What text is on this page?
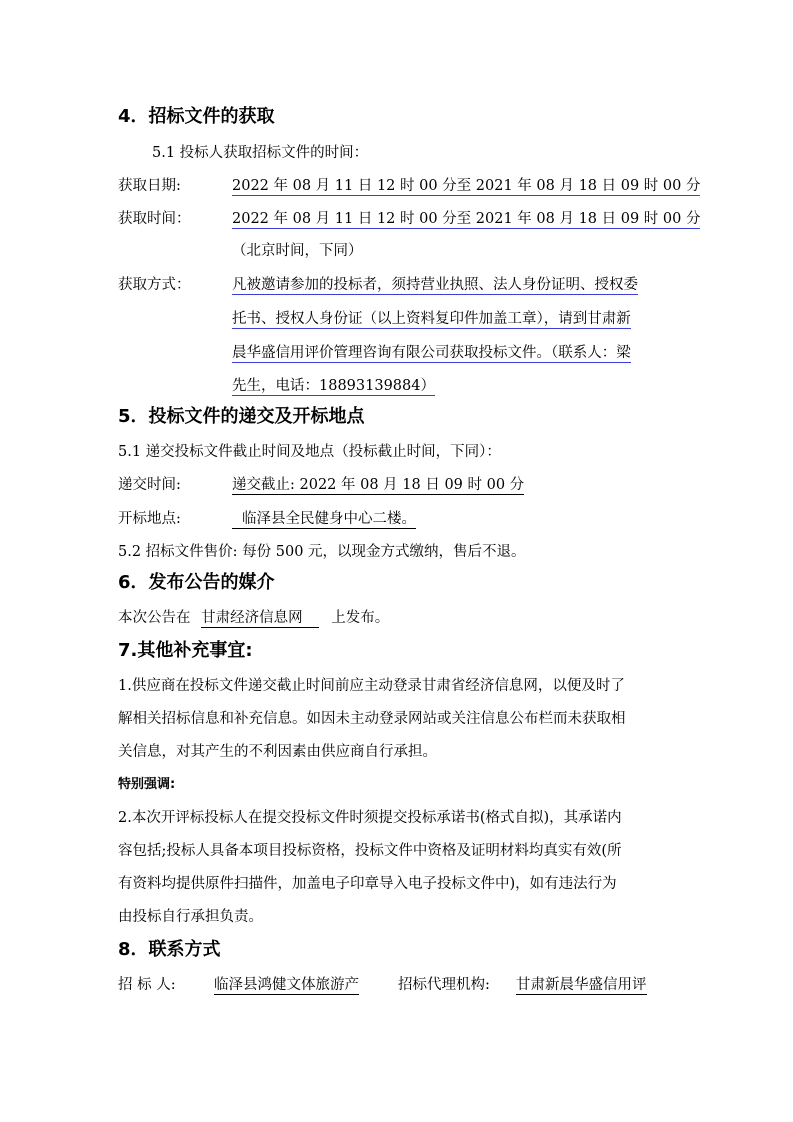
4．招标文件的获取
5.1 投标人获取招标文件的时间：
获取日期:	2022 年 08 月 11 日 12 时 00 分至 2021 年 08 月 18 日 09 时 00 分
获取时间：	2022 年 08 月 11 日 12 时 00 分至 2021 年 08 月 18 日 09 时 00 分
（北京时间，下同）
获取方式：	凡被邀请参加的投标者，须持营业执照、法人身份证明、授权委
托书、授权人身份证（以上资料复印件加盖工章），请到甘肃新
晨华盛信用评价管理咨询有限公司获取投标文件。（联系人：梁
先生，电话：18893139884）
5．投标文件的递交及开标地点
5.1 递交投标文件截止时间及地点（投标截止时间，下同）：
递交时间:	递交截止: 2022 年 08 月 18 日 09 时 00 分
开标地点:	临泽县全民健身中心二楼。
5.2 招标文件售价: 每份 500 元，以现金方式缴纳，售后不退。
6．发布公告的媒介
本次公告在 甘肃经济信息网 上发布。
7.其他补充事宜:
1.供应商在投标文件递交截止时间前应主动登录甘肃省经济信息网，以便及时了
解相关招标信息和补充信息。如因未主动登录网站或关注信息公布栏而未获取相
关信息，对其产生的不利因素由供应商自行承担。
特别强调:
2.本次开评标投标人在提交投标文件时须提交投标承诺书(格式自拟)，其承诺内
容包括;投标人具备本项目投标资格，投标文件中资格及证明材料均真实有效(所
有资料均提供原件扫描件，加盖电子印章导入电子投标文件中)，如有违法行为
由投标自行承担负责。
8．联系方式
招 标 人:	临泽县鸿健文体旅游产	招标代理机构: 甘肃新晨华盛信用评
